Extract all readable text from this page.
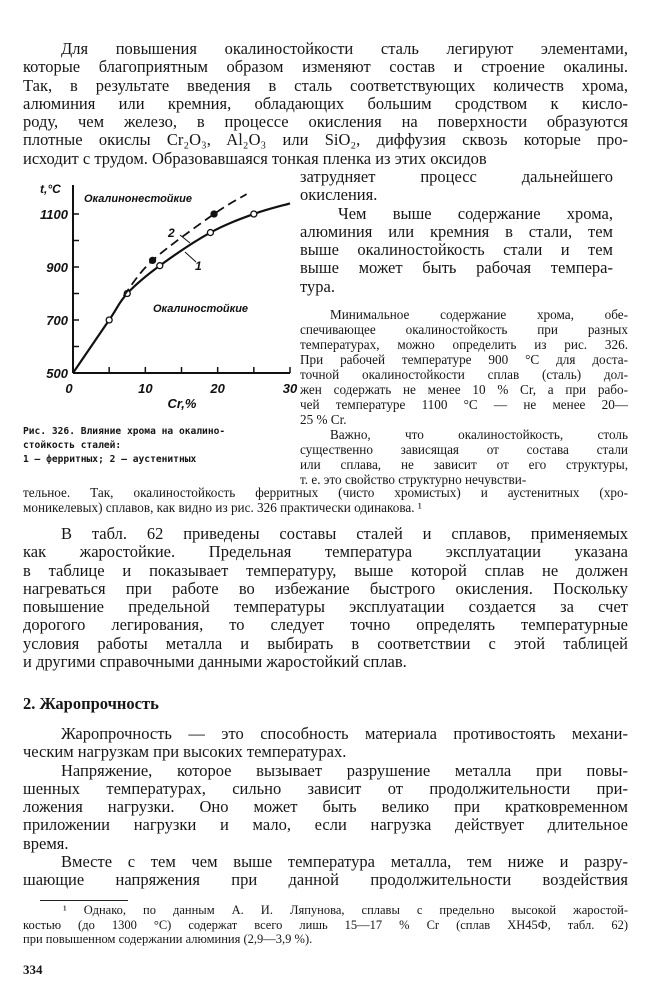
Для повышения окалиностойкости сталь легируют элементами,
которые благоприятным образом изменяют состав и строение окалины.
Так, в результате введения в сталь соответствующих количеств хрома,
алюминия или кремния, обладающих большим сродством к кисло-
роду, чем железо, в процессе окисления на поверхности образуются
плотные окислы Cr₂O₃, Al₂O₃ или SiO₂, диффузия сквозь которые про-
исходит с трудом. Образовавшаяся тонкая пленка из этих оксидов
затрудняет процесс дальнейшего
окисления.
Чем выше содержание хрома,
алюминия или кремния в стали, тем
выше окалиностойкость стали и тем
выше может быть рабочая темпера-
тура.
Минимальное содержание хрома, обе-
спечивающее окалиностойкость при разных
температурах, можно определить из рис. 326.
При рабочей температуре 900 °С для доста-
точной окалиностойкости сплав (сталь) дол-
жен содержать не менее 10 % Cr, а при рабо-
чей температуре 1100 °С — не менее 20—
25 % Cr.
Важно, что окалиностойкость, столь
существенно зависящая от состава стали
или сплава, не зависит от его структуры,
т. е. это свойство структурно нечувстви-
тельное. Так, окалиностойкость ферритных (чисто хромистых) и аустенитных (хро-
моникелевых) сплавов, как видно из рис. 326 практически одинакова. ¹
0	10	20	30
500
700
900
1100
Cr,%
t,°C
Окалинонестойкие
Окалиностойкие
2
1
Рис. 326. Влияние хрома на окалино-
стойкость сталей:
1 — ферритных; 2 — аустенитных
В табл. 62 приведены составы сталей и сплавов, применяемых
как жаростойкие. Предельная температура эксплуатации указана
в таблице и показывает температуру, выше которой сплав не должен
нагреваться при работе во избежание быстрого окисления. Поскольку
повышение предельной температуры эксплуатации создается за счет
дорогого легирования, то следует точно определять температурные
условия работы металла и выбирать в соответствии с этой таблицей
и другими справочными данными жаростойкий сплав.
2. Жаропрочность
Жаропрочность — это способность материала противостоять механи-
ческим нагрузкам при высоких температурах.
Напряжение, которое вызывает разрушение металла при повы-
шенных температурах, сильно зависит от продолжительности при-
ложения нагрузки. Оно может быть велико при кратковременном
приложении нагрузки и мало, если нагрузка действует длительное
время.
Вместе с тем чем выше температура металла, тем ниже и разру-
шающие напряжения при данной продолжительности воздействия
¹ Однако, по данным А. И. Ляпунова, сплавы с предельно высокой жаростой-
костью (до 1300 °С) содержат всего лишь 15—17 % Cr (сплав ХН45Ф, табл. 62)
при повышенном содержании алюминия (2,9—3,9 %).
334
